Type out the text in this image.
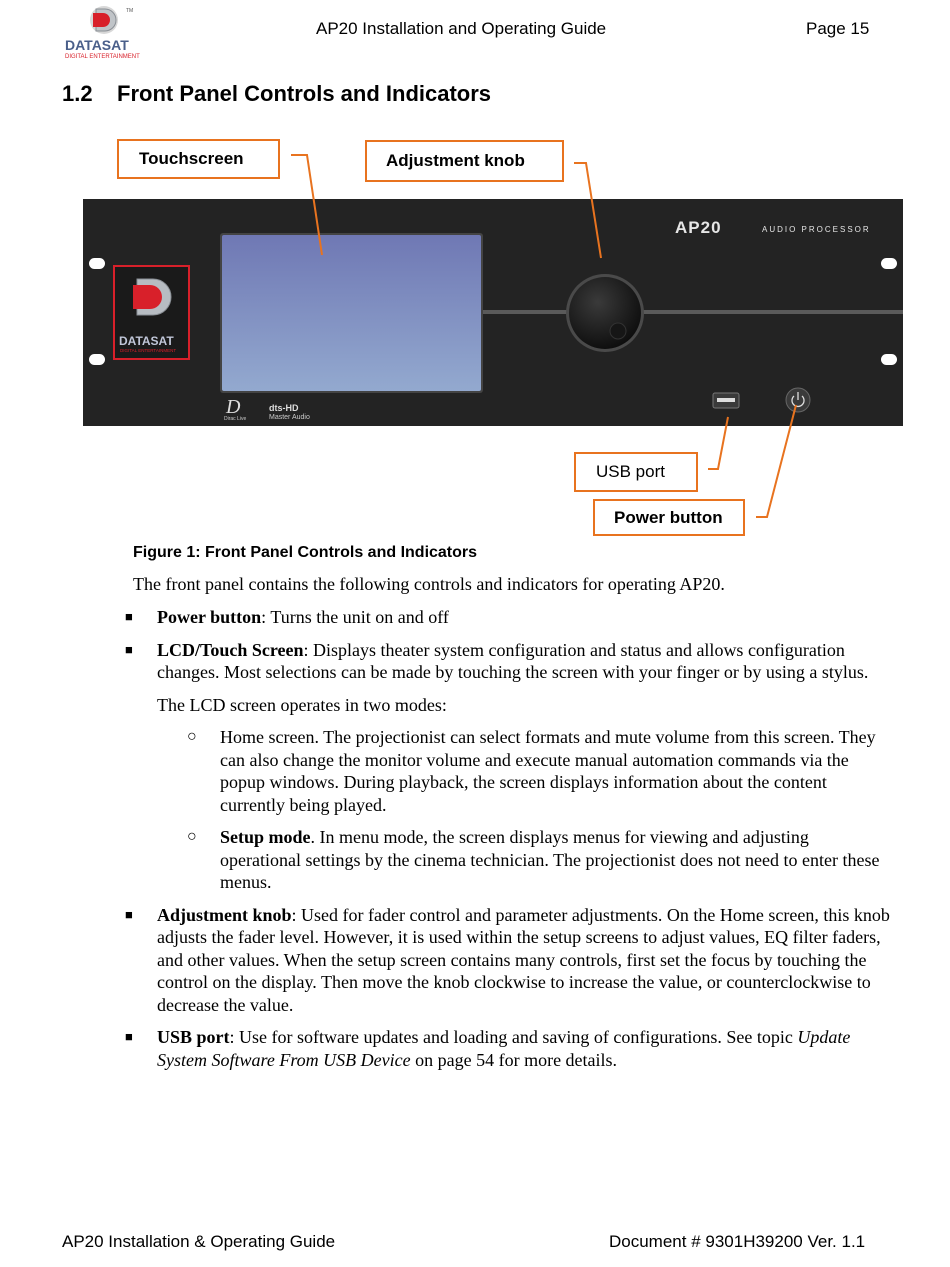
TM
DATASAT
DIGITAL ENTERTAINMENT
AP20 Installation and Operating Guide	Page 15
1.2 Front Panel Controls and Indicators
DATASAT
DIGITAL ENTERTAINMENT
D
Dirac Live
dts-HD
Master Audio
AP20	AUDIO PROCESSOR
Touchscreen	Adjustment knob
USB port
Power button
Figure 1: Front Panel Controls and Indicators
The front panel contains the following controls and indicators for operating AP20.
■ Power button: Turns the unit on and off
■ LCD/Touch Screen: Displays theater system configuration and status and allows configuration changes. Most selections can be made by touching the screen with your finger or by using a stylus.
The LCD screen operates in two modes:
○ Home screen. The projectionist can select formats and mute volume from this screen. They can also change the monitor volume and execute manual automation commands via the popup windows. During playback, the screen displays information about the content currently being played.
○ Setup mode. In menu mode, the screen displays menus for viewing and adjusting operational settings by the cinema technician. The projectionist does not need to enter these menus.
■ Adjustment knob: Used for fader control and parameter adjustments. On the Home screen, this knob adjusts the fader level. However, it is used within the setup screens to adjust values, EQ filter faders, and other values. When the setup screen contains many controls, first set the focus by touching the control on the display. Then move the knob clockwise to increase the value, or counterclockwise to decrease the value.
■ USB port: Use for software updates and loading and saving of configurations. See topic Update System Software From USB Device on page 54 for more details.
AP20 Installation & Operating Guide	Document # 9301H39200 Ver. 1.1
